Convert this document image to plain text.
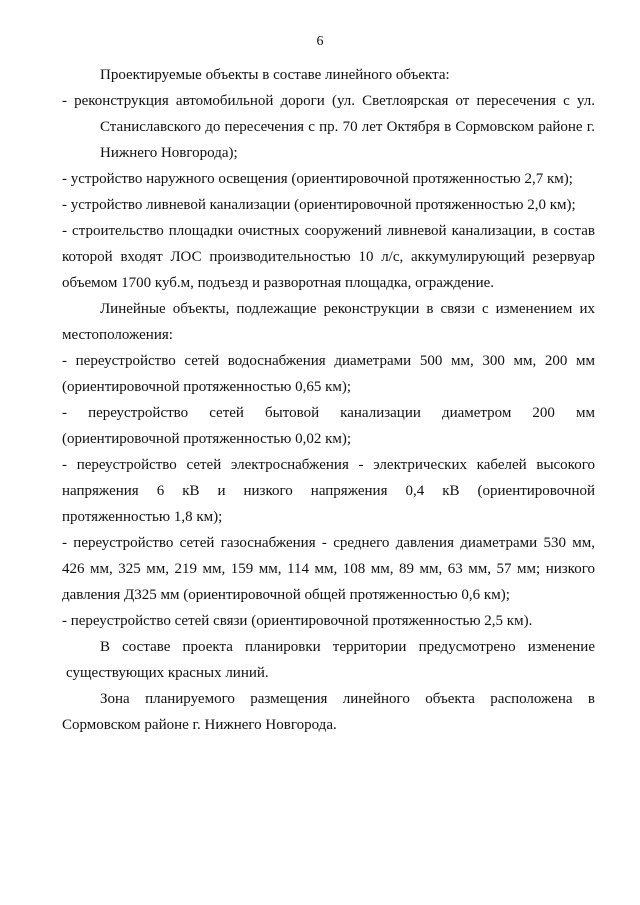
6

Проектируемые объекты в составе линейного объекта:

- реконструкция автомобильной дороги (ул. Светлоярская от пересечения с ул.
Станиславского до пересечения с пр. 70 лет Октября в Сормовском районе г.
Нижнего Новгорода);

- устройство наружного освещения (ориентировочной протяженностью 2,7 км);

- устройство ливневой канализации (ориентировочной протяженностью 2,0 км);

- строительство площадки очистных сооружений ливневой канализации, в состав
которой входят ЛОС производительностью 10 л/с, аккумулирующий резервуар
объемом 1700 куб.м, подъезд и разворотная площадка, ограждение.

Линейные объекты, подлежащие реконструкции в связи с изменением их
местоположения:

- переустройство сетей водоснабжения диаметрами 500 мм, 300 мм, 200 мм
(ориентировочной протяженностью 0,65 км);

- переустройство сетей бытовой канализации диаметром 200 мм
(ориентировочной протяженностью 0,02 км);

- переустройство сетей электроснабжения - электрических кабелей высокого
напряжения 6 кВ и низкого напряжения 0,4 кВ (ориентировочной
протяженностью 1,8 км);

- переустройство сетей газоснабжения - среднего давления диаметрами 530 мм,
426 мм, 325 мм, 219 мм, 159 мм, 114 мм, 108 мм, 89 мм, 63 мм, 57 мм; низкого
давления Д325 мм (ориентировочной общей протяженностью 0,6 км);

- переустройство сетей связи (ориентировочной протяженностью 2,5 км).

В составе проекта планировки территории предусмотрено изменение
существующих красных линий.

Зона планируемого размещения линейного объекта расположена в
Сормовском районе г. Нижнего Новгорода.
